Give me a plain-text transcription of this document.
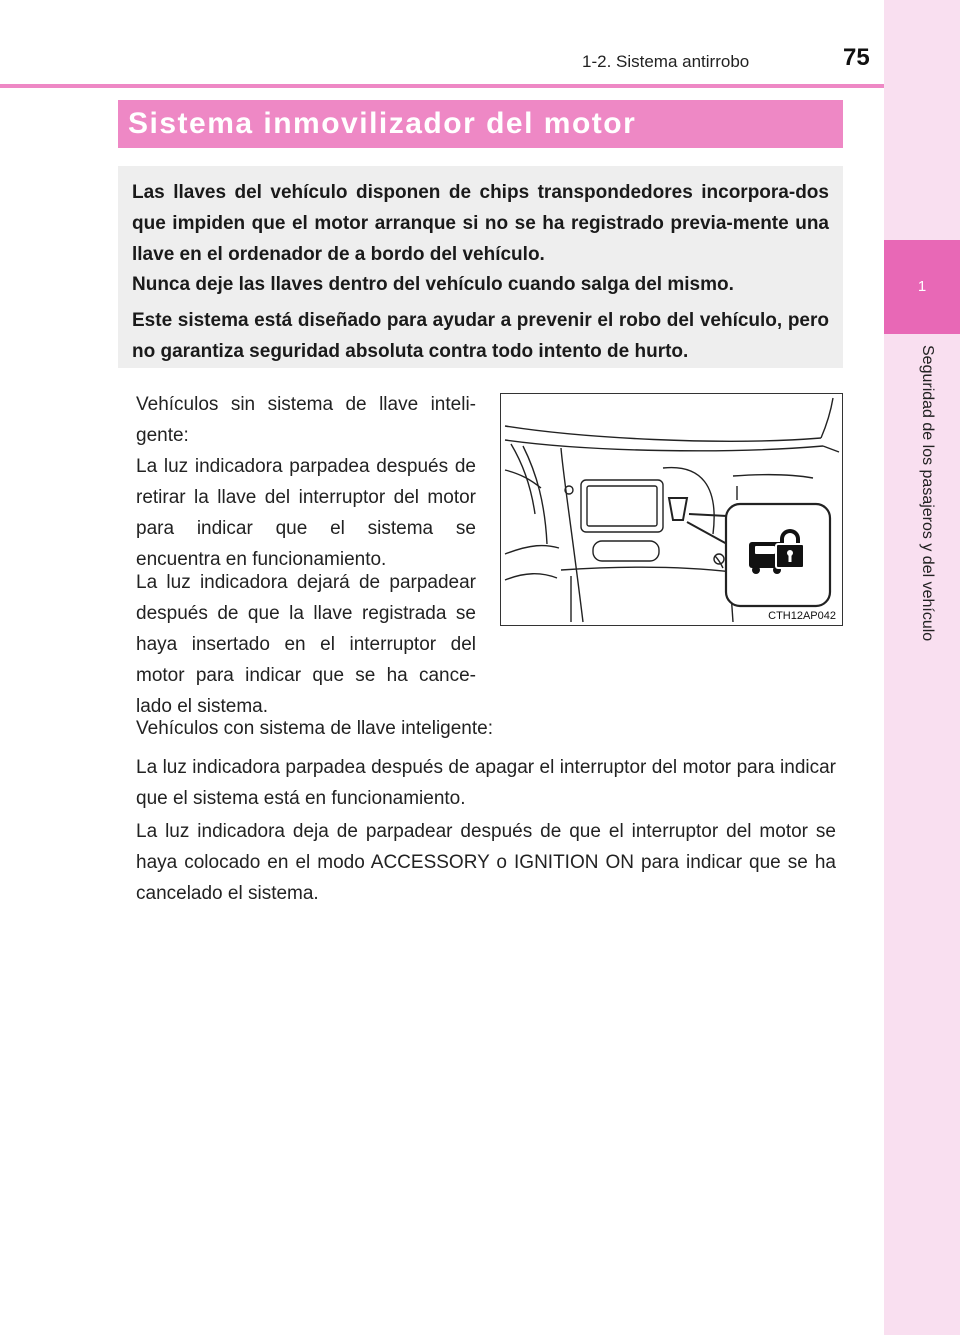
1-2. Sistema antirrobo	75
1
Seguridad de los pasajeros y del vehículo
Sistema inmovilizador del motor

Las llaves del vehículo disponen de chips transpondedores incorpora-dos que impiden que el motor arranque si no se ha registrado previa-mente una llave en el ordenador de a bordo del vehículo.

Nunca deje las llaves dentro del vehículo cuando salga del mismo.

Este sistema está diseñado para ayudar a prevenir el robo del vehículo, pero no garantiza seguridad absoluta contra todo intento de hurto.

Vehículos sin sistema de llave inteli-gente:

La luz indicadora parpadea después de retirar la llave del interruptor del motor para indicar que el sistema se encuentra en funcionamiento.

La luz indicadora dejará de parpadear después de que la llave registrada se haya insertado en el interruptor del motor para indicar que se ha cance-lado el sistema.

Vehículos con sistema de llave inteligente:

La luz indicadora parpadea después de apagar el interruptor del motor para indicar que el sistema está en funcionamiento.

La luz indicadora deja de parpadear después de que el interruptor del motor se haya colocado en el modo ACCESSORY o IGNITION ON para indicar que se ha cancelado el sistema.

CTH12AP042
